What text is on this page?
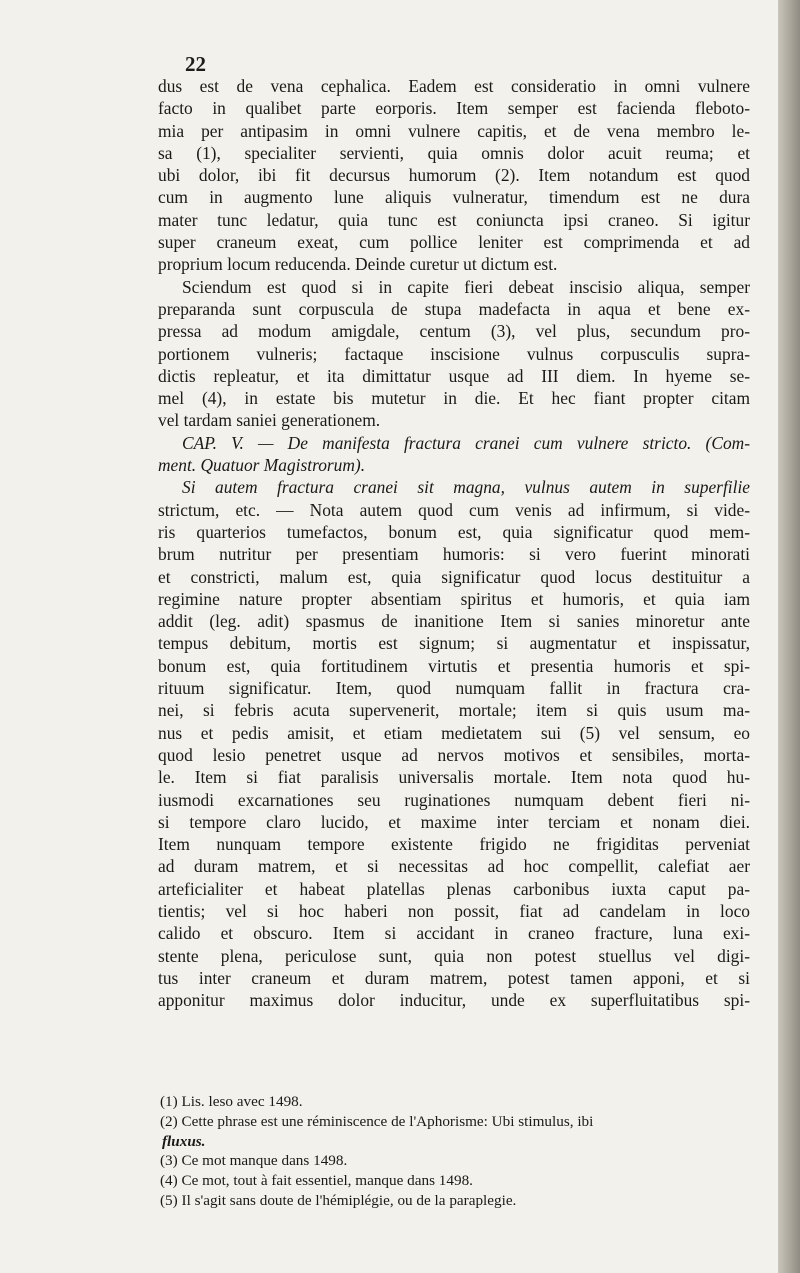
22
dus est de vena cephalica. Eadem est consideratio in omni vulnere
facto in qualibet parte eorporis. Item semper est facienda fleboto-
mia per antipasim in omni vulnere capitis, et de vena membro le-
sa (1), specialiter servienti, quia omnis dolor acuit reuma; et
ubi dolor, ibi fit decursus humorum (2). Item notandum est quod
cum in augmento lune aliquis vulneratur, timendum est ne dura
mater tunc ledatur, quia tunc est coniuncta ipsi craneo. Si igitur
super craneum exeat, cum pollice leniter est comprimenda et ad
proprium locum reducenda. Deinde curetur ut dictum est.
Sciendum est quod si in capite fieri debeat inscisio aliqua, semper
preparanda sunt corpuscula de stupa madefacta in aqua et bene ex-
pressa ad modum amigdale, centum (3), vel plus, secundum pro-
portionem vulneris; factaque inscisione vulnus corpusculis supra-
dictis repleatur, et ita dimittatur usque ad III diem. In hyeme se-
mel (4), in estate bis mutetur in die. Et hec fiant propter citam
vel tardam saniei generationem.
CAP. V. — De manifesta fractura cranei cum vulnere stricto. (Com-
ment. Quatuor Magistrorum).
Si autem fractura cranei sit magna, vulnus autem in superfilie
strictum, etc. — Nota autem quod cum venis ad infirmum, si vide-
ris quarterios tumefactos, bonum est, quia significatur quod mem-
brum nutritur per presentiam humoris: si vero fuerint minorati
et constricti, malum est, quia significatur quod locus destituitur a
regimine nature propter absentiam spiritus et humoris, et quia iam
addit (leg. adit) spasmus de inanitione Item si sanies minoretur ante
tempus debitum, mortis est signum; si augmentatur et inspissatur,
bonum est, quia fortitudinem virtutis et presentia humoris et spi-
rituum significatur. Item, quod numquam fallit in fractura cra-
nei, si febris acuta supervenerit, mortale; item si quis usum ma-
nus et pedis amisit, et etiam medietatem sui (5) vel sensum, eo
quod lesio penetret usque ad nervos motivos et sensibiles, morta-
le. Item si fiat paralisis universalis mortale. Item nota quod hu-
iusmodi excarnationes seu ruginationes numquam debent fieri ni-
si tempore claro lucido, et maxime inter terciam et nonam diei.
Item nunquam tempore existente frigido ne frigiditas perveniat
ad duram matrem, et si necessitas ad hoc compellit, calefiat aer
arteficialiter et habeat platellas plenas carbonibus iuxta caput pa-
tientis; vel si hoc haberi non possit, fiat ad candelam in loco
calido et obscuro. Item si accidant in craneo fracture, luna exi-
stente plena, periculose sunt, quia non potest stuellus vel digi-
tus inter craneum et duram matrem, potest tamen apponi, et si
apponitur maximus dolor inducitur, unde ex superfluitatibus spi-
(1) Lis. leso avec 1498.
(2) Cette phrase est une réminiscence de l'Aphorisme: Ubi stimulus, ibi
fluxus.
(3) Ce mot manque dans 1498.
(4) Ce mot, tout à fait essentiel, manque dans 1498.
(5) Il s'agit sans doute de l'hémiplégie, ou de la paraplegie.
